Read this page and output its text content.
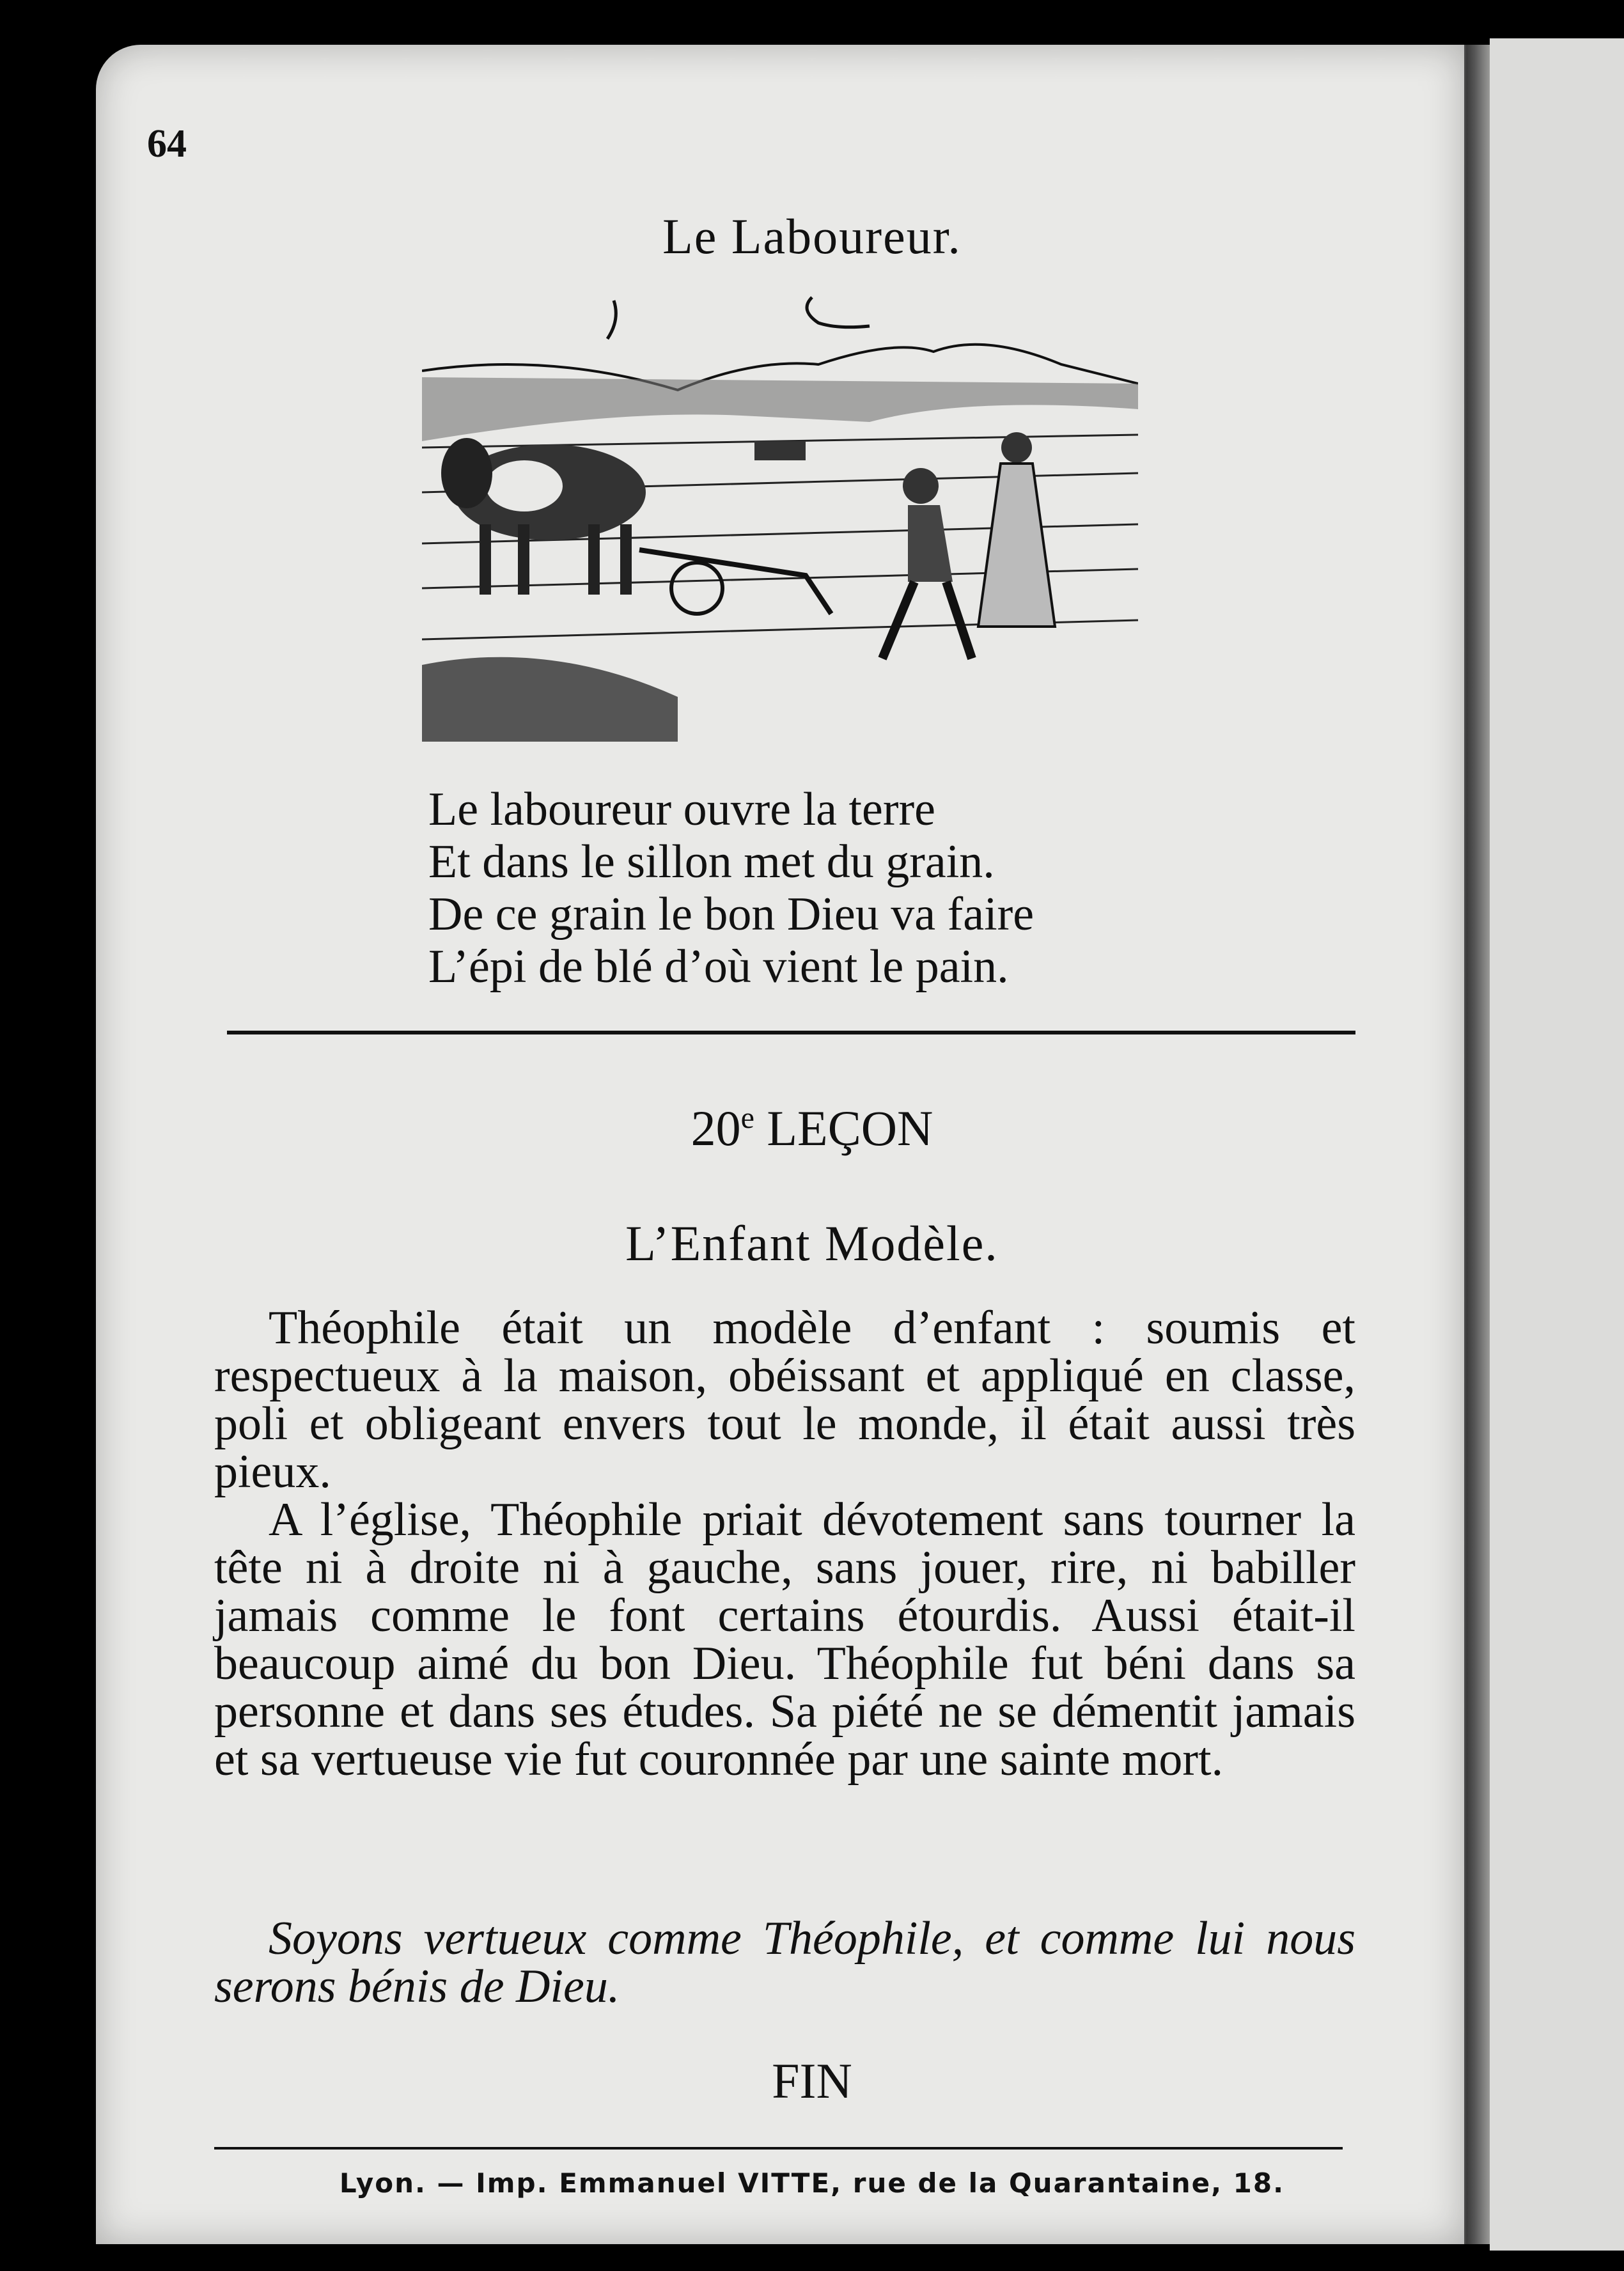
64
Le Laboureur.
Le laboureur ouvre la terre
Et dans le sillon met du grain.
De ce grain le bon Dieu va faire
L’épi de blé d’où vient le pain.
20e LEÇON
L’Enfant Modèle.

Théophile était un modèle d’enfant : soumis et respectueux à la maison, obéissant et appliqué en classe, poli et obligeant envers tout le monde, il était aussi très pieux.

A l’église, Théophile priait dévotement sans tourner la tête ni à droite ni à gauche, sans jouer, rire, ni babiller jamais comme le font certains étourdis. Aussi était-il beaucoup aimé du bon Dieu. Théophile fut béni dans sa personne et dans ses études. Sa piété ne se démentit jamais et sa vertueuse vie fut couronnée par une sainte mort.

Soyons vertueux comme Théophile, et comme lui nous serons bénis de Dieu.

FIN
Lyon. — Imp. Emmanuel VITTE, rue de la Quarantaine, 18.
